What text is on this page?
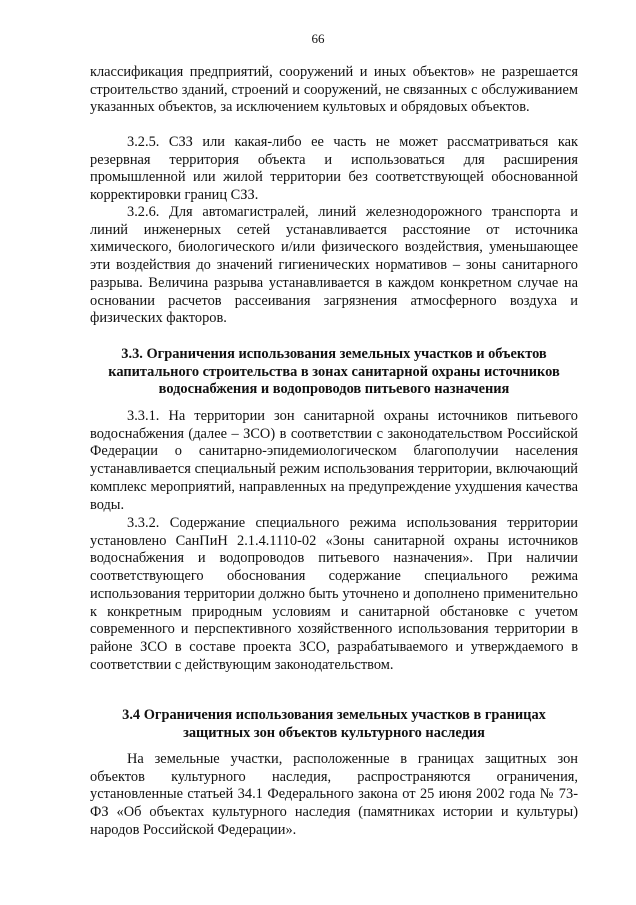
66

классификация предприятий, сооружений и иных объектов» не разрешается строительство зданий, строений и сооружений, не связанных с обслуживанием указанных объектов, за исключением культовых и обрядовых объектов.

3.2.5. СЗЗ или какая-либо ее часть не может рассматриваться как резервная территория объекта и использоваться для расширения промышленной или жилой территории без соответствующей обоснованной корректировки границ СЗЗ.

3.2.6. Для автомагистралей, линий железнодорожного транспорта и линий инженерных сетей устанавливается расстояние от источника химического, биологического и/или физического воздействия, уменьшающее эти воздействия до значений гигиенических нормативов – зоны санитарного разрыва. Величина разрыва устанавливается в каждом конкретном случае на основании расчетов рассеивания загрязнения атмосферного воздуха и физических факторов.

3.3. Ограничения использования земельных участков и объектов капитального строительства в зонах санитарной охраны источников водоснабжения и водопроводов питьевого назначения

3.3.1. На территории зон санитарной охраны источников питьевого водоснабжения (далее – ЗСО) в соответствии с законодательством Российской Федерации о санитарно-эпидемиологическом благополучии населения устанавливается специальный режим использования территории, включающий комплекс мероприятий, направленных на предупреждение ухудшения качества воды.

3.3.2. Содержание специального режима использования территории установлено СанПиН 2.1.4.1110-02 «Зоны санитарной охраны источников водоснабжения и водопроводов питьевого назначения». При наличии соответствующего обоснования содержание специального режима использования территории должно быть уточнено и дополнено применительно к конкретным природным условиям и санитарной обстановке с учетом современного и перспективного хозяйственного использования территории в районе ЗСО в составе проекта ЗСО, разрабатываемого и утверждаемого в соответствии с действующим законодательством.

3.4 Ограничения использования земельных участков в границах защитных зон объектов культурного наследия

На земельные участки, расположенные в границах защитных зон объектов культурного наследия, распространяются ограничения, установленные статьей 34.1 Федерального закона от 25 июня 2002 года № 73-ФЗ «Об объектах культурного наследия (памятниках истории и культуры) народов Российской Федерации».
